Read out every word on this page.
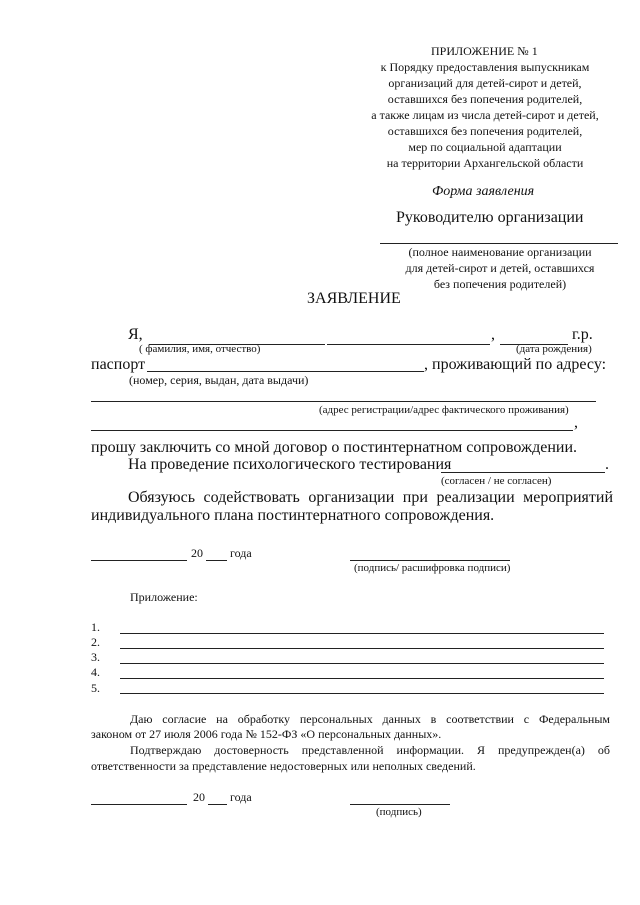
ПРИЛОЖЕНИЕ № 1
к Порядку предоставления выпускникам
организаций для детей-сирот и детей,
оставшихся без попечения родителей,
а также лицам из числа детей-сирот и детей,
оставшихся без попечения родителей,
мер по социальной адаптации
на территории Архангельской области
Форма заявления
Руководителю организации
(полное наименование организации
для детей-сирот и детей, оставшихся
без попечения родителей)
ЗАЯВЛЕНИЕ
Я,	,	г.р.
( фамилия, имя, отчество)	(дата рождения)
паспорт	, проживающий по адресу:
(номер, серия, выдан, дата выдачи)
(адрес регистрации/адрес фактического проживания)
,
прошу заключить со мной договор о постинтернатном сопровождении.
На проведение психологического тестирования	.
(согласен / не согласен)
Обязуюсь содействовать организации при реализации мероприятий
индивидуального плана постинтернатного сопровождения.
20 года
(подпись/ расшифровка подписи)
Приложение:
1.
2.
3.
4.
5.
Даю согласие на обработку персональных данных в соответствии с Федеральным
законом от 27 июля 2006 года № 152-ФЗ «О персональных данных».
Подтверждаю достоверность представленной информации. Я предупрежден(а) об
ответственности за представление недостоверных или неполных сведений.
20 года
(подпись)
